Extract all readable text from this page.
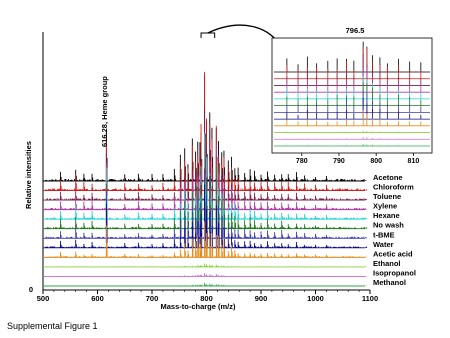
500	600	700	800	900	1000	1100
Acetone
Chloroform
Toluene
Xylene
Hexane
No wash
t-BME
Water
Acetic acid
Ethanol
Isopropanol
Methanol
780	790	800	810
Mass-to-charge (m/z)
Relative intensities
0
616.28, Heme group
796.5
Supplemental Figure 1
